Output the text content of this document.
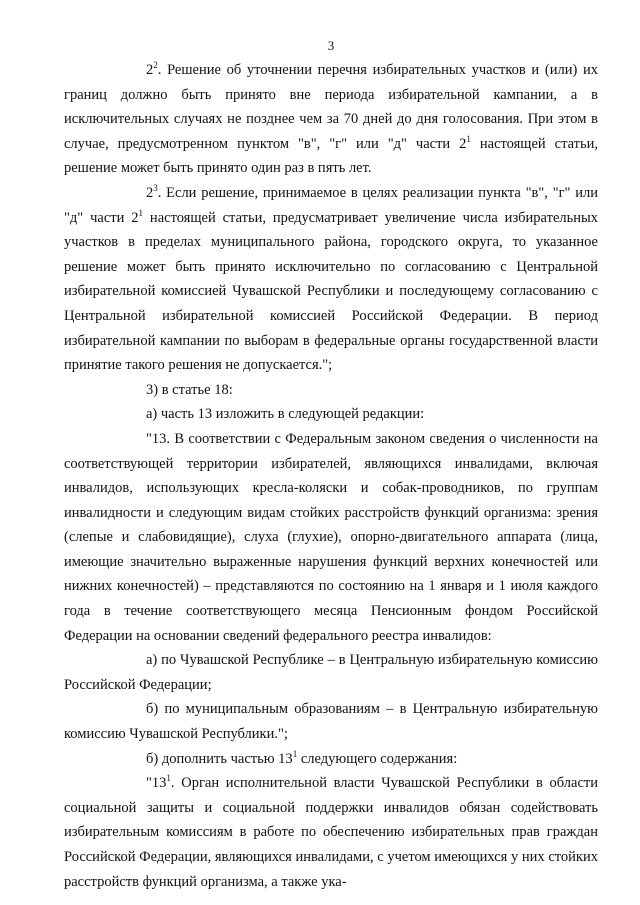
3

$2^2$. Решение об уточнении перечня избирательных участков и (или) их границ должно быть принято вне периода избирательной кампании, а в исключительных случаях не позднее чем за 70 дней до дня голосования. При этом в случае, предусмотренном пунктом "в", "г" или "д" части $2^1$ настоящей статьи, решение может быть принято один раз в пять лет.

$2^3$. Если решение, принимаемое в целях реализации пункта "в", "г" или "д" части $2^1$ настоящей статьи, предусматривает увеличение числа избирательных участков в пределах муниципального района, городского округа, то указанное решение может быть принято исключительно по согласованию с Центральной избирательной комиссией Чувашской Республики и последующему согласованию с Центральной избирательной комиссией Российской Федерации. В период избирательной кампании по выборам в федеральные органы государственной власти принятие такого решения не допускается.";

3) в статье 18:

а) часть 13 изложить в следующей редакции:

"13. В соответствии с Федеральным законом сведения о численности на соответствующей территории избирателей, являющихся инвалидами, включая инвалидов, использующих кресла-коляски и собак-проводников, по группам инвалидности и следующим видам стойких расстройств функций организма: зрения (слепые и слабовидящие), слуха (глухие), опорно-двигательного аппарата (лица, имеющие значительно выраженные нарушения функций верхних конечностей или нижних конечностей) – представляются по состоянию на 1 января и 1 июля каждого года в течение соответствующего месяца Пенсионным фондом Российской Федерации на основании сведений федерального реестра инвалидов:

а) по Чувашской Республике – в Центральную избирательную комиссию Российской Федерации;

б) по муниципальным образованиям – в Центральную избирательную комиссию Чувашской Республики.";

б) дополнить частью $13^1$ следующего содержания:

"$13^1$. Орган исполнительной власти Чувашской Республики в области социальной защиты и социальной поддержки инвалидов обязан содействовать избирательным комиссиям в работе по обеспечению избирательных прав граждан Российской Федерации, являющихся инвалидами, с учетом имеющихся у них стойких расстройств функций организма, а также ука-
